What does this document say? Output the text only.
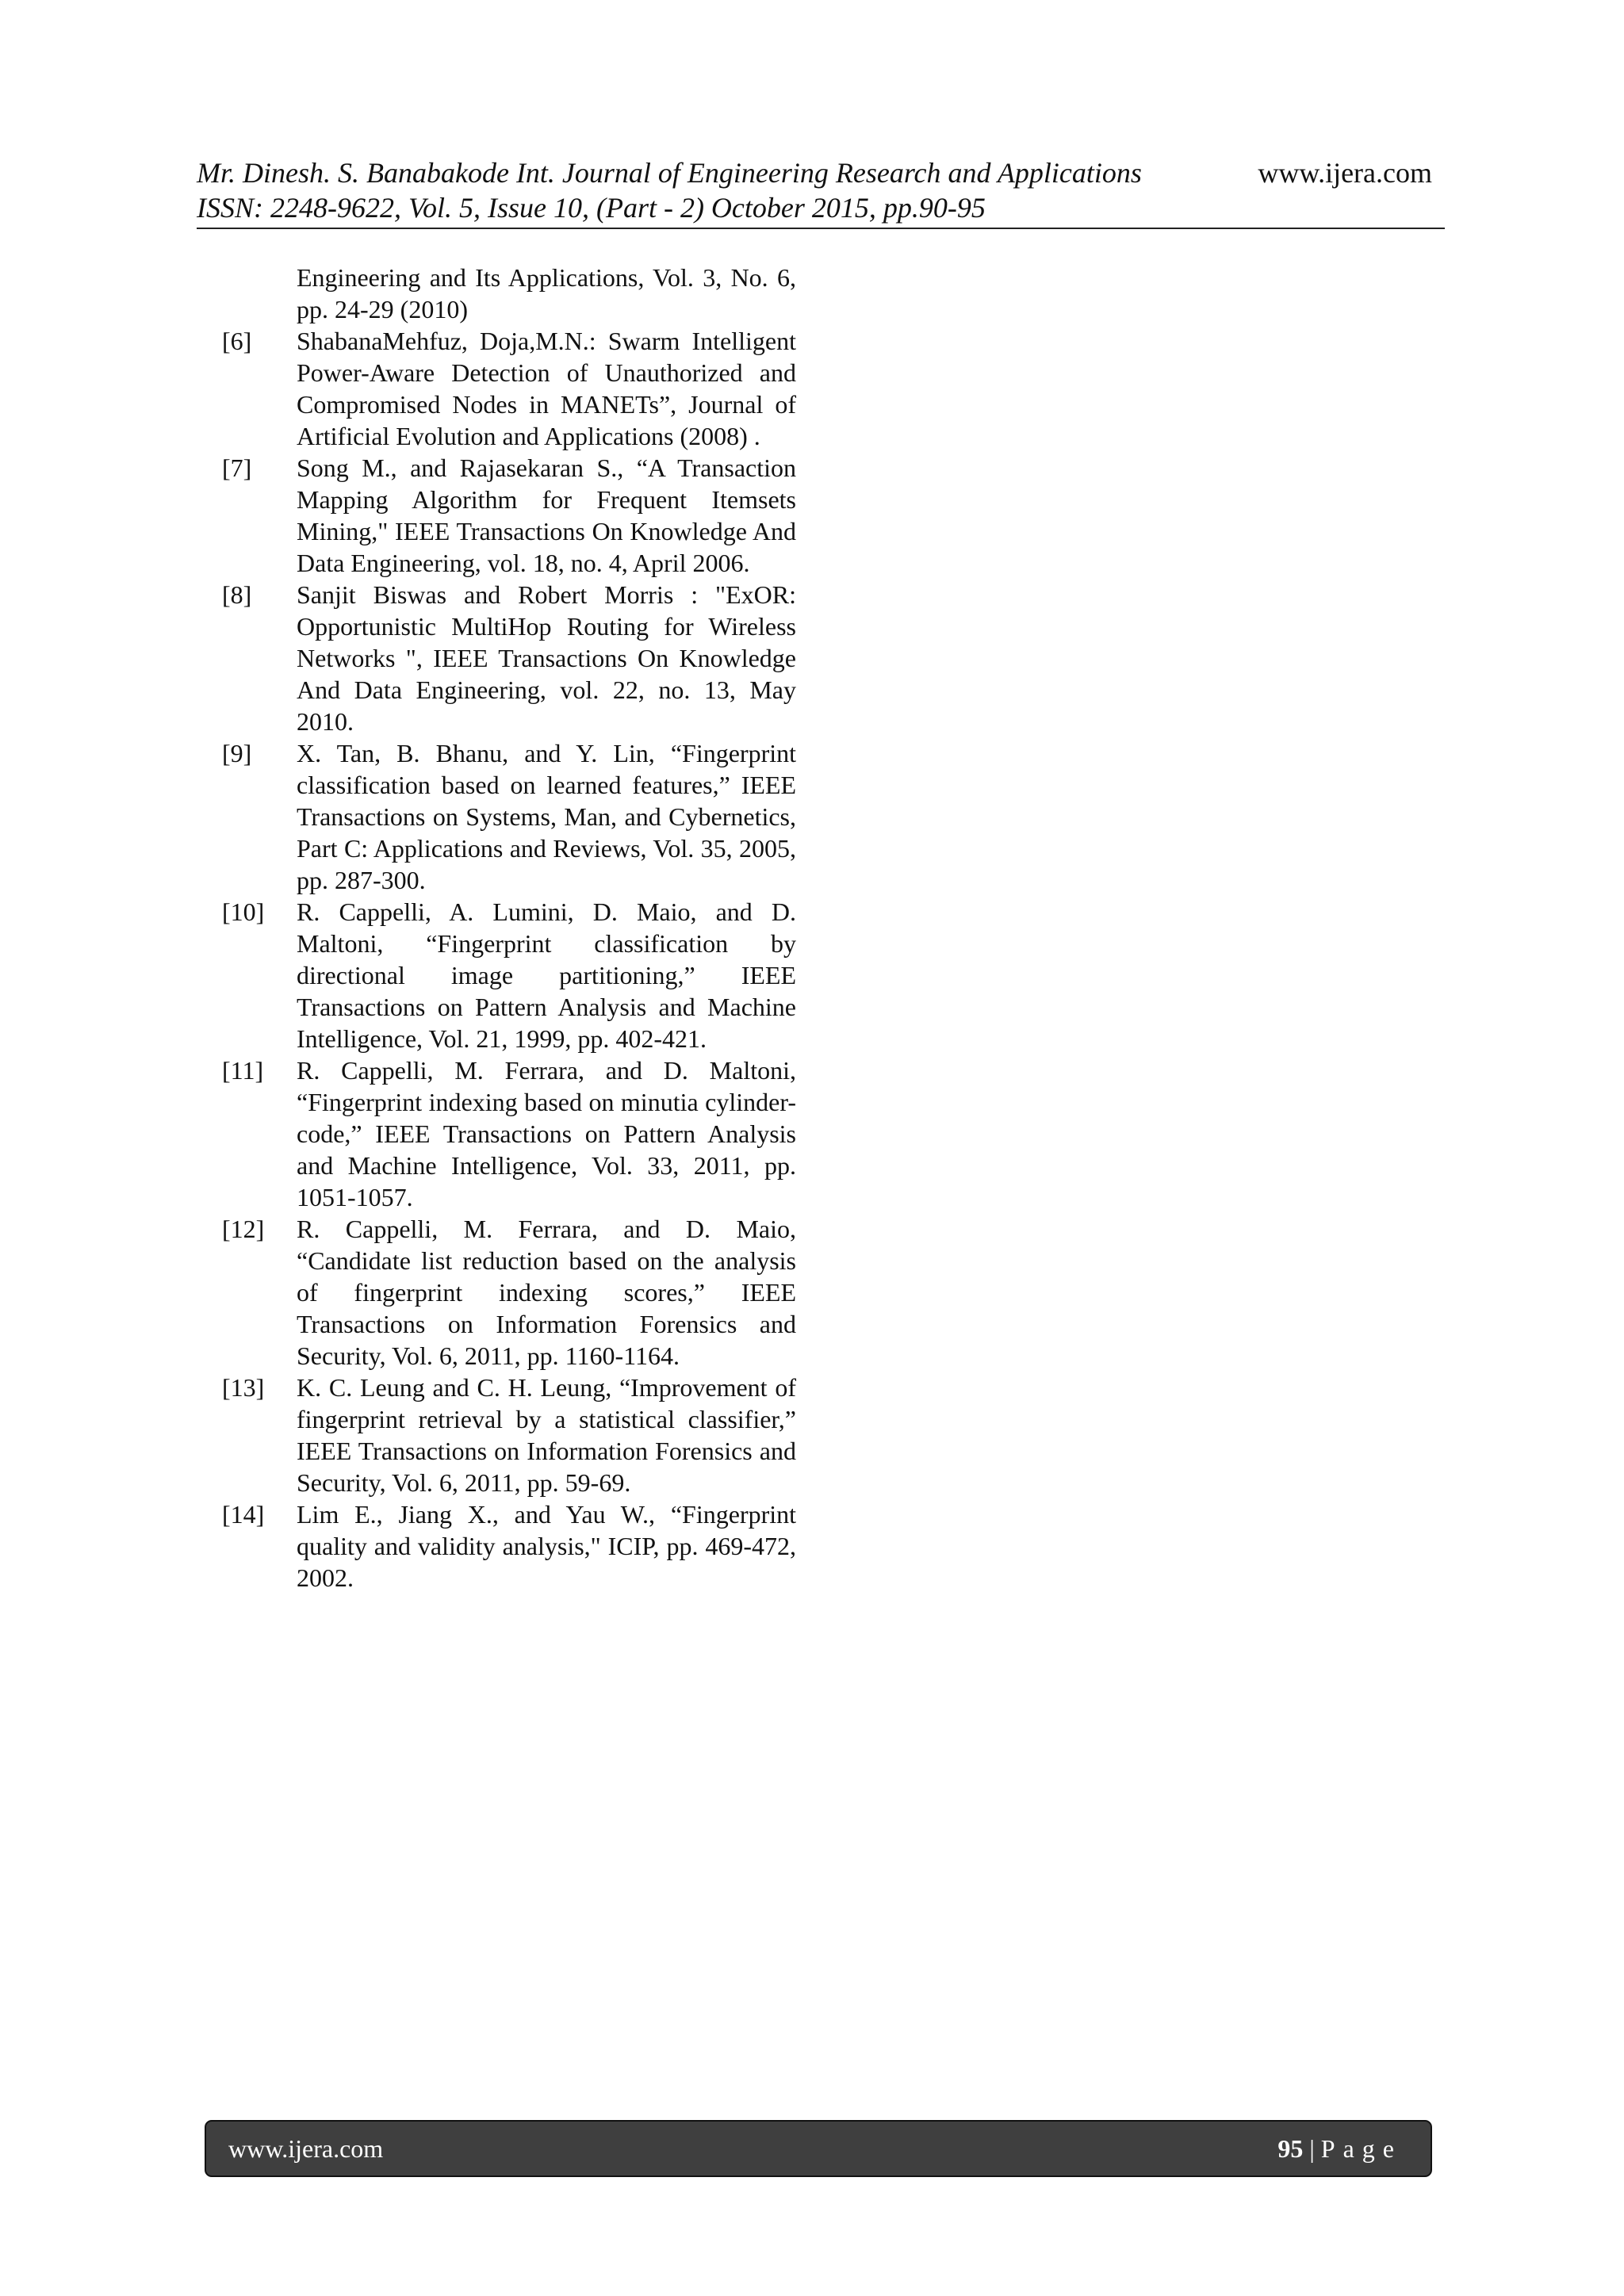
Mr. Dinesh. S. Banabakode Int. Journal of Engineering Research and Applications	www.ijera.com
ISSN: 2248-9622, Vol. 5, Issue 10, (Part - 2) October 2015, pp.90-95
Engineering and Its Applications, Vol. 3, No. 6, pp. 24-29 (2010)
[6]	ShabanaMehfuz, Doja,M.N.: Swarm Intelligent Power-Aware Detection of Unauthorized and Compromised Nodes in MANETs”, Journal of Artificial Evolution and Applications (2008) .
[7]	Song M., and Rajasekaran S., “A Transaction Mapping Algorithm for Frequent Itemsets Mining," IEEE Transactions On Knowledge And Data Engineering, vol. 18, no. 4, April 2006.
[8]	Sanjit Biswas and Robert Morris : "ExOR: Opportunistic MultiHop Routing for Wireless Networks ", IEEE Transactions On Knowledge And Data Engineering, vol. 22, no. 13, May 2010.
[9]	X. Tan, B. Bhanu, and Y. Lin, “Fingerprint classification based on learned features,” IEEE Transactions on Systems, Man, and Cybernetics, Part C: Applications and Reviews, Vol. 35, 2005, pp. 287-300.
[10]	R. Cappelli, A. Lumini, D. Maio, and D. Maltoni, “Fingerprint classification by directional image partitioning,” IEEE Transactions on Pattern Analysis and Machine Intelligence, Vol. 21, 1999, pp. 402-421.
[11]	R. Cappelli, M. Ferrara, and D. Maltoni, “Fingerprint indexing based on minutia cylinder-code,” IEEE Transactions on Pattern Analysis and Machine Intelligence, Vol. 33, 2011, pp. 1051-1057.
[12]	R. Cappelli, M. Ferrara, and D. Maio, “Candidate list reduction based on the analysis of fingerprint indexing scores,” IEEE Transactions on Information Forensics and Security, Vol. 6, 2011, pp. 1160-1164.
[13]	K. C. Leung and C. H. Leung, “Improvement of fingerprint retrieval by a statistical classifier,” IEEE Transactions on Information Forensics and Security, Vol. 6, 2011, pp. 59-69.
[14]	Lim E., Jiang X., and Yau W., “Fingerprint quality and validity analysis," ICIP, pp. 469-472, 2002.
www.ijera.com	95 | Page
